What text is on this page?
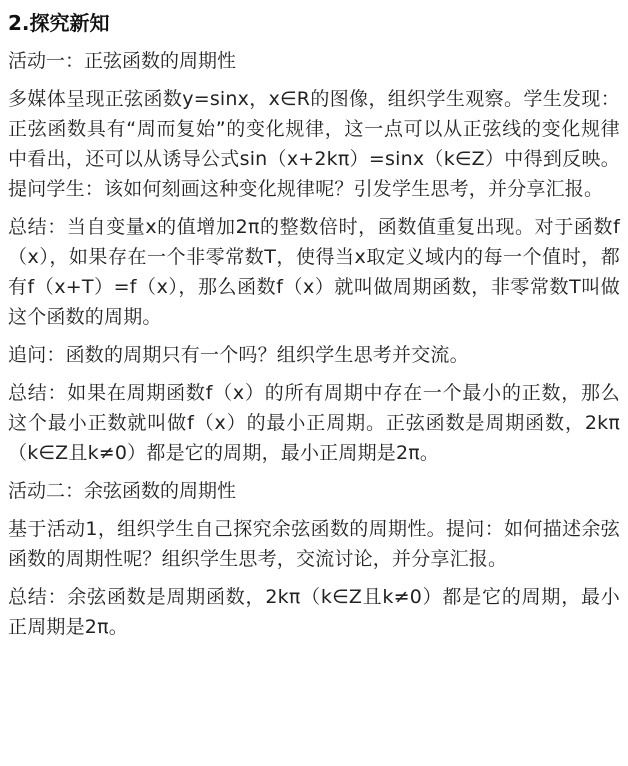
2.探究新知
活动一：正弦函数的周期性
多媒体呈现正弦函数y=sinx，x∈R的图像，组织学生观察。学生发现：正弦函数具有“周而复始”的变化规律，这一点可以从正弦线的变化规律中看出，还可以从诱导公式sin（x+2kπ）=sinx（k∈Z）中得到反映。提问学生：该如何刻画这种变化规律呢？引发学生思考，并分享汇报。
总结：当自变量x的值增加2π的整数倍时，函数值重复出现。对于函数f（x），如果存在一个非零常数T，使得当x取定义域内的每一个值时，都有f（x+T）=f（x），那么函数f（x）就叫做周期函数，非零常数T叫做这个函数的周期。
追问：函数的周期只有一个吗？组织学生思考并交流。
总结：如果在周期函数f（x）的所有周期中存在一个最小的正数，那么这个最小正数就叫做f（x）的最小正周期。正弦函数是周期函数，2kπ（k∈Z且k≠0）都是它的周期，最小正周期是2π。
活动二：余弦函数的周期性
基于活动1，组织学生自己探究余弦函数的周期性。提问：如何描述余弦函数的周期性呢？组织学生思考，交流讨论，并分享汇报。
总结：余弦函数是周期函数，2kπ（k∈Z且k≠0）都是它的周期，最小正周期是2π。
